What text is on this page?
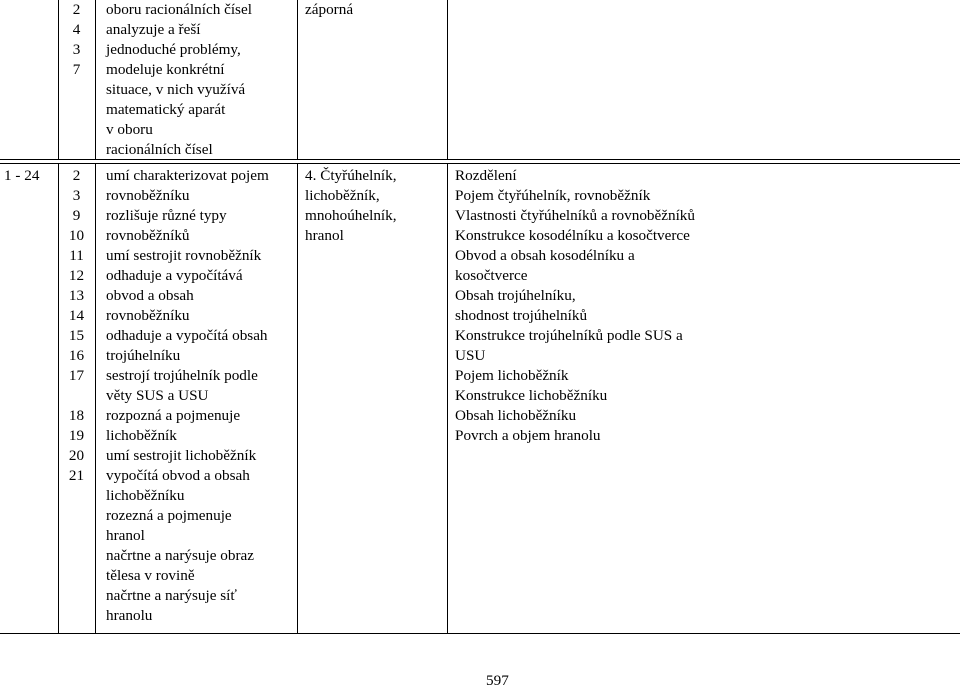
2
4
3
7
oboru racionálních čísel
analyzuje a řeší
jednoduché problémy,
modeluje konkrétní
situace, v nich využívá
matematický aparát
v oboru
racionálních čísel
záporná
1 - 24	2
3
9
10
11
12
13
14
15
16
17
18
19
20
21
umí charakterizovat pojem
rovnoběžníku
rozlišuje různé typy
rovnoběžníků
umí sestrojit rovnoběžník
odhaduje a vypočítává
obvod a obsah
rovnoběžníku
odhaduje a vypočítá obsah
trojúhelníku
sestrojí trojúhelník podle
věty SUS a USU
rozpozná a pojmenuje
lichoběžník
umí sestrojit lichoběžník
vypočítá obvod a obsah
lichoběžníku
rozezná a pojmenuje
hranol
načrtne a narýsuje obraz
tělesa v rovině
načrtne a narýsuje síť
hranolu
4. Čtyřúhelník,
lichoběžník,
mnohoúhelník,
hranol
Rozdělení
Pojem čtyřúhelník, rovnoběžník
Vlastnosti čtyřúhelníků a rovnoběžníků
Konstrukce kosodélníku a kosočtverce
Obvod a obsah kosodélníku a
kosočtverce
Obsah trojúhelníku,
shodnost trojúhelníků
Konstrukce trojúhelníků podle SUS a
USU
Pojem lichoběžník
Konstrukce lichoběžníku
Obsah lichoběžníku
Povrch a objem hranolu
597
